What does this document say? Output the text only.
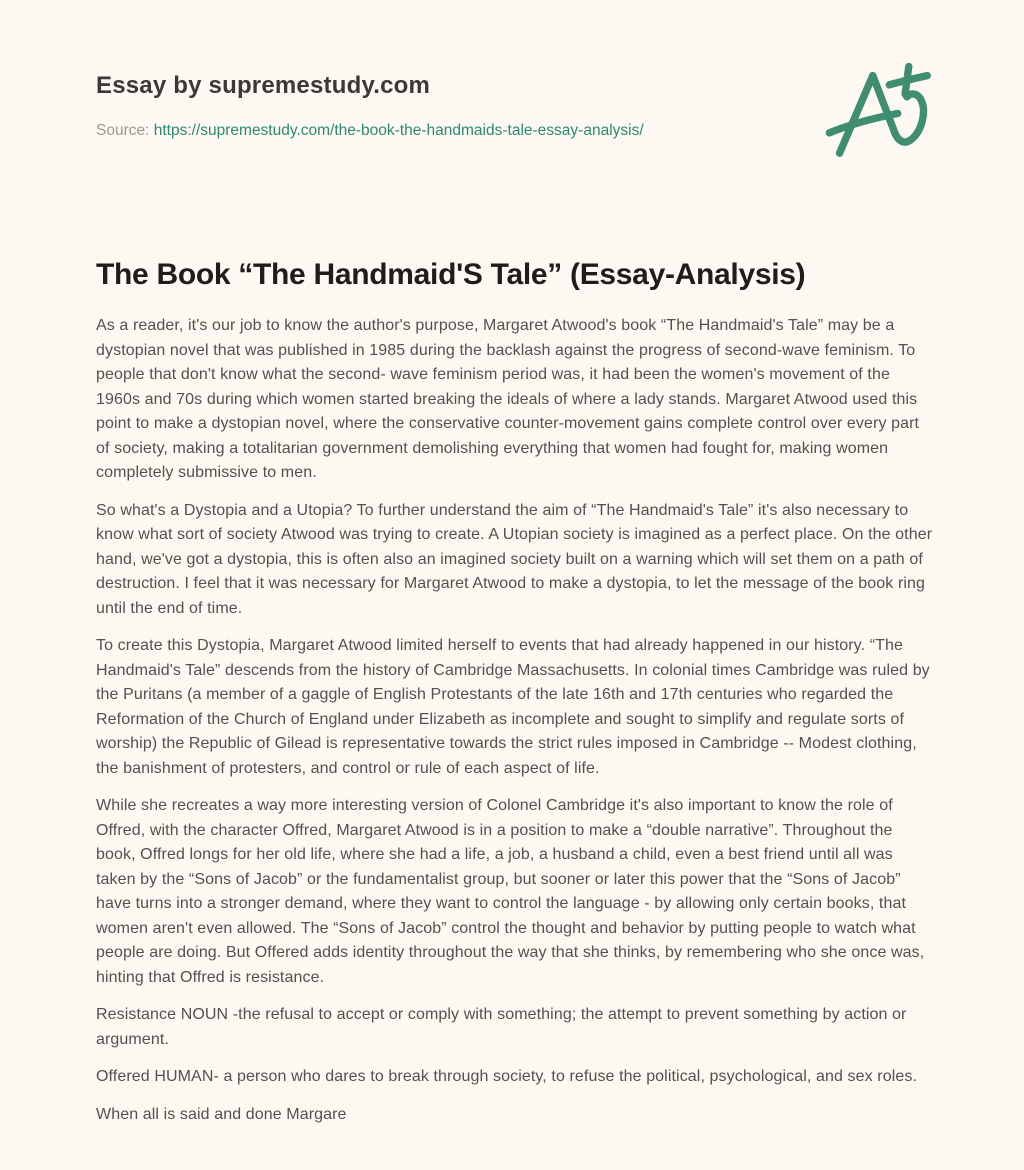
Essay by supremestudy.com

Source: https://supremestudy.com/the-book-the-handmaids-tale-essay-analysis/

The Book “The Handmaid'S Tale” (Essay-Analysis)

As a reader, it's our job to know the author's purpose, Margaret Atwood's book “The Handmaid's Tale” may be a dystopian novel that was published in 1985 during the backlash against the progress of second-wave feminism. To people that don't know what the second- wave feminism period was, it had been the women's movement of the 1960s and 70s during which women started breaking the ideals of where a lady stands. Margaret Atwood used this point to make a dystopian novel, where the conservative counter-movement gains complete control over every part of society, making a totalitarian government demolishing everything that women had fought for, making women completely submissive to men.

So what's a Dystopia and a Utopia? To further understand the aim of “The Handmaid's Tale” it's also necessary to know what sort of society Atwood was trying to create. A Utopian society is imagined as a perfect place. On the other hand, we've got a dystopia, this is often also an imagined society built on a warning which will set them on a path of destruction. I feel that it was necessary for Margaret Atwood to make a dystopia, to let the message of the book ring until the end of time.

To create this Dystopia, Margaret Atwood limited herself to events that had already happened in our history. “The Handmaid's Tale” descends from the history of Cambridge Massachusetts. In colonial times Cambridge was ruled by the Puritans (a member of a gaggle of English Protestants of the late 16th and 17th centuries who regarded the Reformation of the Church of England under Elizabeth as incomplete and sought to simplify and regulate sorts of worship) the Republic of Gilead is representative towards the strict rules imposed in Cambridge -- Modest clothing, the banishment of protesters, and control or rule of each aspect of life.

While she recreates a way more interesting version of Colonel Cambridge it's also important to know the role of Offred, with the character Offred, Margaret Atwood is in a position to make a “double narrative”. Throughout the book, Offred longs for her old life, where she had a life, a job, a husband a child, even a best friend until all was taken by the “Sons of Jacob” or the fundamentalist group, but sooner or later this power that the “Sons of Jacob” have turns into a stronger demand, where they want to control the language - by allowing only certain books, that women aren't even allowed. The “Sons of Jacob” control the thought and behavior by putting people to watch what people are doing. But Offered adds identity throughout the way that she thinks, by remembering who she once was, hinting that Offred is resistance.

Resistance NOUN -the refusal to accept or comply with something; the attempt to prevent something by action or argument.

Offered HUMAN- a person who dares to break through society, to refuse the political, psychological, and sex roles.

When all is said and done Margare
